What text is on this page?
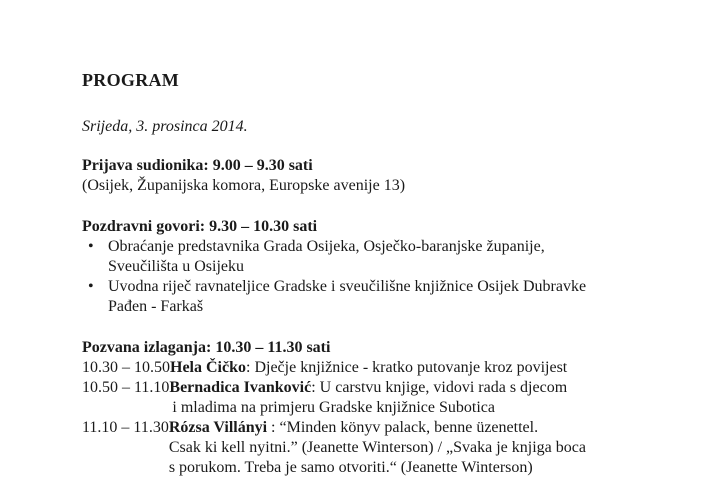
PROGRAM
Srijeda, 3. prosinca 2014.
Prijava sudionika: 9.00 – 9.30 sati
(Osijek, Županijska komora, Europske avenije 13)
Pozdravni govori: 9.30 – 10.30 sati
• Obraćanje predstavnika Grada Osijeka, Osječko-baranjske županije,
Sveučilišta u Osijeku
• Uvodna riječ ravnateljice Gradske i sveučilišne knjižnice Osijek Dubravke
Pađen - Farkaš
Pozvana izlaganja: 10.30 – 11.30 sati
10.30 – 10.50 Hela Čičko: Dječje knjižnice - kratko putovanje kroz povijest
10.50 – 11.10 Bernadica Ivanković: U carstvu knjige, vidovi rada s djecom
i mladima na primjeru Gradske knjižnice Subotica
11.10 – 11.30 Rózsa Villányi : “Minden könyv palack, benne üzenettel.
Csak ki kell nyitni.” (Jeanette Winterson) / „Svaka je knjiga boca
s porukom. Treba je samo otvoriti.“ (Jeanette Winterson)
